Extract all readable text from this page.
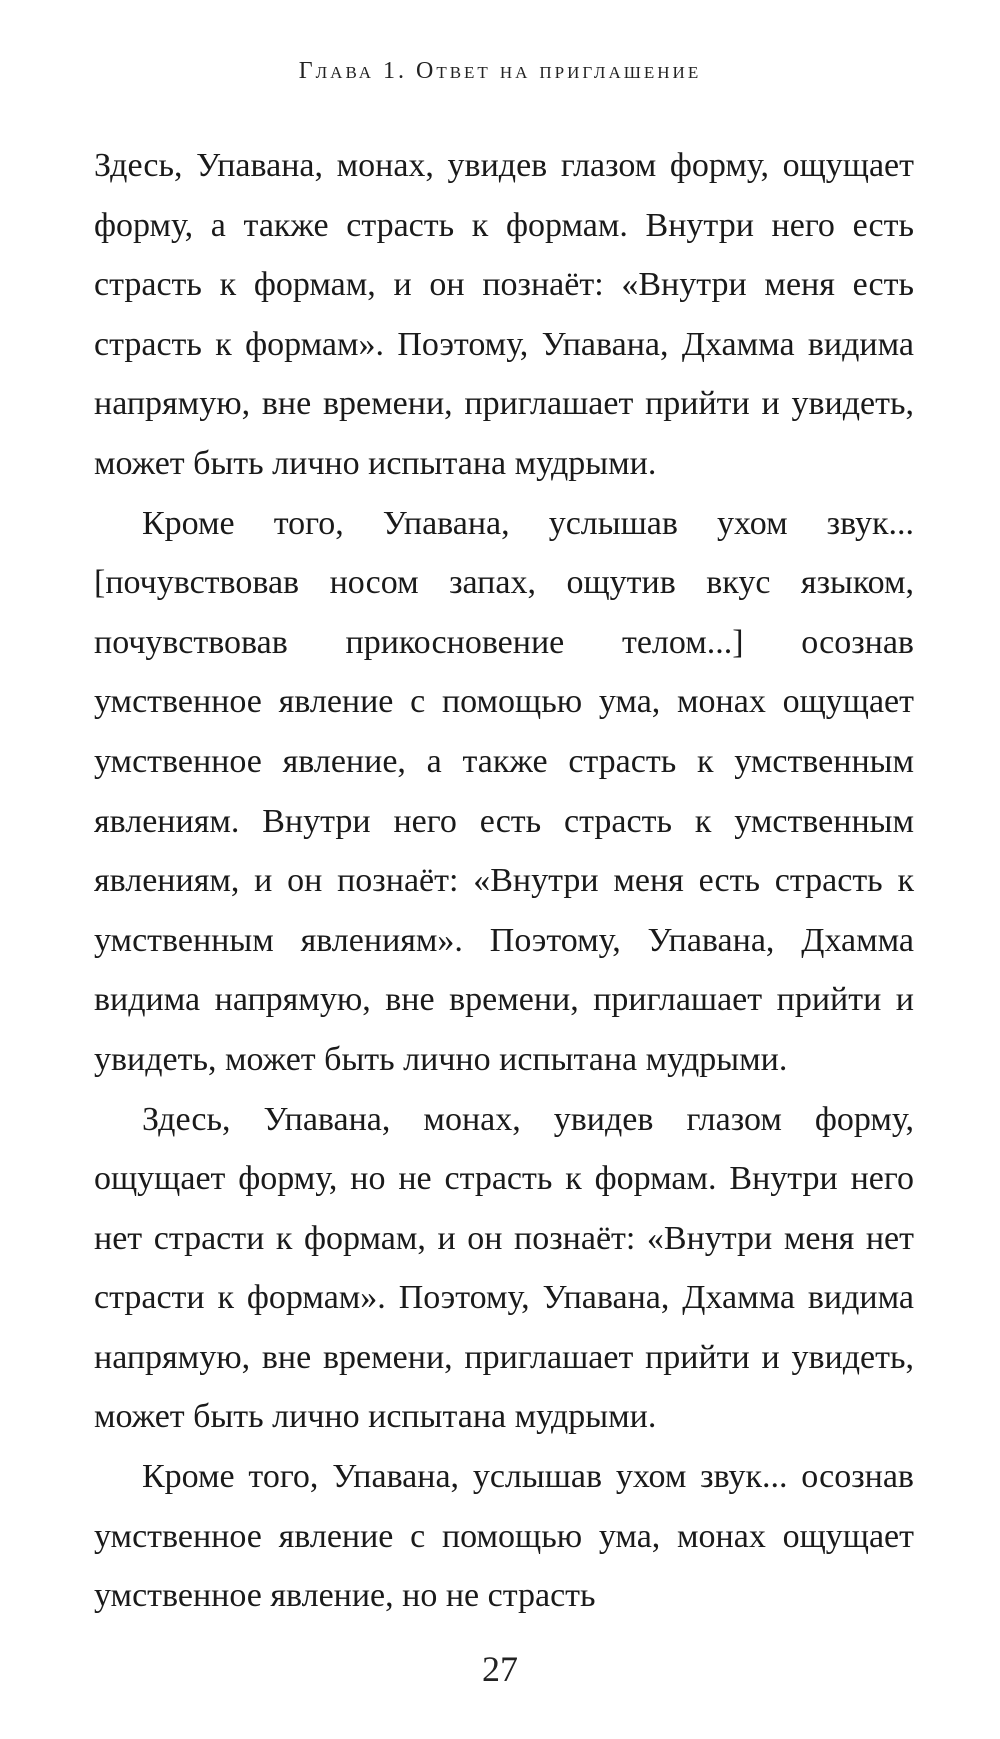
Глава 1. Ответ на приглашение

Здесь, Упавана, монах, увидев глазом форму, ощущает форму, а также страсть к формам. Внутри него есть страсть к формам, и он познаёт: «Внутри меня есть страсть к формам». Поэтому, Упавана, Дхамма видима напрямую, вне времени, приглашает прийти и увидеть, может быть лично испытана мудрыми.

Кроме того, Упавана, услышав ухом звук... [почувствовав носом запах, ощутив вкус языком, почувствовав прикосновение телом...] осознав умственное явление с помощью ума, монах ощущает умственное явление, а также страсть к умственным явлениям. Внутри него есть страсть к умственным явлениям, и он познаёт: «Внутри меня есть страсть к умственным явлениям». Поэтому, Упавана, Дхамма видима напрямую, вне времени, приглашает прийти и увидеть, может быть лично испытана мудрыми.

Здесь, Упавана, монах, увидев глазом форму, ощущает форму, но не страсть к формам. Внутри него нет страсти к формам, и он познаёт: «Внутри меня нет страсти к формам». Поэтому, Упавана, Дхамма видима напрямую, вне времени, приглашает прийти и увидеть, может быть лично испытана мудрыми.

Кроме того, Упавана, услышав ухом звук... осознав умственное явление с помощью ума, монах ощущает умственное явление, но не страсть

27
